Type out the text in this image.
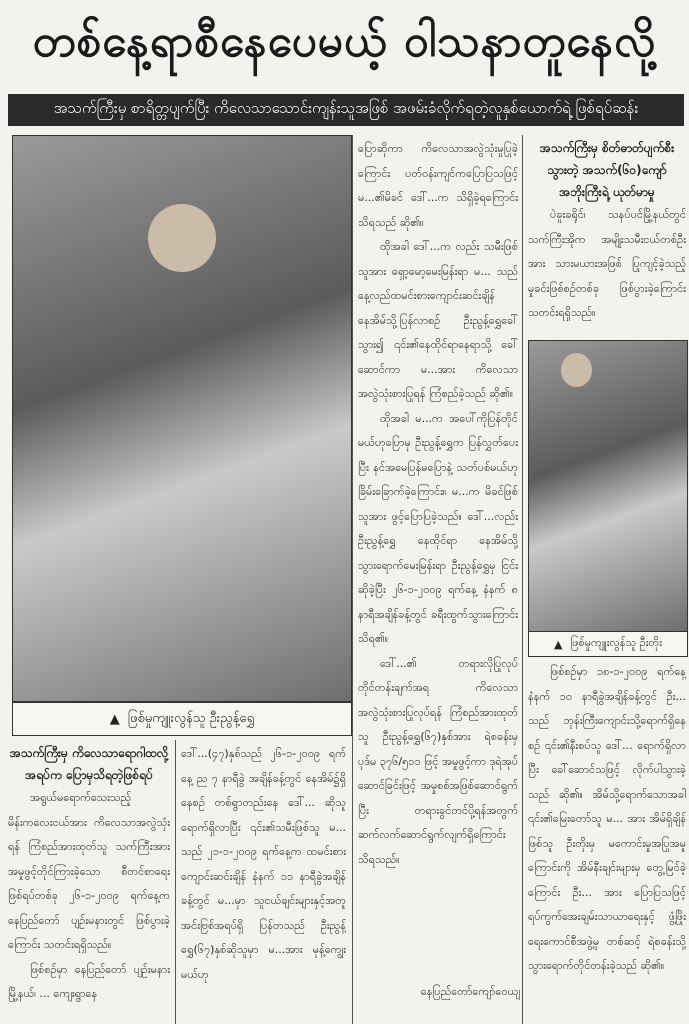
တစ်နေ့ရာစီနေပေမယ့် ဝါသနာတူနေလို့
အသက်ကြီးမှ စာရိတ္တပျက်ပြီး ကိလေသာသောင်းကျန်းသူအဖြစ် အဖမ်းခံလိုက်ရတဲ့လူနှစ်ယောက်ရဲ့ ဖြစ်ရပ်ဆန်း
▲ ဖြစ်မှုကျူးလွန်သူ ဦးညွန့်ရွှေ
အသက်ကြီးမှ ကိလေသာရောဂါထလို့
အရပ်က ပြောမှသိရတဲ့ဖြစ်ရပ်

အရွယ်မရောက်သေးသည့် မိန်းကလေးငယ်အား ကိလေသာအလွဲသုံးရန် ကြံစည်အားထုတ်သူ သက်ကြီးအား အမှုဖွင့်တိုင်ကြားခဲ့သော စီတင်စာရေးဖြစ်ရပ်တစ်ခု ၂၆-၁-၂၀၀၉ ရက်နေ့က နေပြည်တော် ပျဉ်းမနားတွင် ဖြစ်ပွားခဲ့ကြောင်း သတင်းရရှိသည်။

ဖြစ်စဉ်မှာ နေပြည်တော် ပျဉ်းမနားမြို့နယ်၊ ... ကျေးရွာနေ

ဒေါ်...(၄၇)နှစ်သည် ၂၆-၁-၂၀၀၉ ရက်နေ့ ည ၇ နာရီခွဲ အချိန်ခန့်တွင် နေအိမ်၌ရှိနေစဉ် တစ်ရွာတည်းနေ ဒေါ်... ဆိုသူရောက်ရှိလာပြီး ၎င်း၏သမီးဖြစ်သူ မ... သည် ၂၁-၁-၂၀၀၉ ရက်နေ့က ထမင်းစားကျောင်းဆင်းချိန် နံနက် ၁၁ နာရီခွဲအချိန်ခန့်တွင် မ...မှာ သူငယ်ချင်းများနှင့်အတူ အင်းဗြစ်အရပ်ရှိ ပြန်တသည် ဦးညွန့်ရွှေ(၆၇)နှစ်ဆိုသူမှာ မ...အား မုန့်ကျွေးမယ်ဟု

ပြောဆိုကာ ကိလေသာအလွဲသုံးမှုပြုခဲ့ကြောင်း ပတ်ဝန်းကျင်ကပြောပြသဖြင့် မ...၏မိခင် ဒေါ်...က သိရှိခဲ့ရကြောင်း သိရသည် ဆို၏။

ထိုအခါ ဒေါ်...က လည်း သမီးဖြစ်သူအား ရှော့မော့မေးမြန်းရာ မ... သည် နေ့လည်ထမင်းစားကျောင်းဆင်းချိန် နေအိမ်သို့ပြန်လာစဉ် ဦးညွန့်ရွှေခေါ်သွား၍ ၎င်း၏နေထိုင်ရာနေရာသို့ ခေါ်ဆောင်ကာ မ...အား ကိလေသာ အလွဲသုံးစားပြုရန် ကြံစည်ခဲ့သည် ဆို၏။

ထိုအခါ မ...က အပေါ်ကိုပြန်တိုင်မယ်ဟုပြောမှ ဦးညွန့်ရွှေက ပြန်လွှတ်ပေးပြီး နင်အမေပြန်မပြောနဲ့ သတ်ပစ်မယ်ဟုခြိမ်းခြောက်ခဲ့ကြောင်း။ မ...က မိခင်ဖြစ်သူအား ဖွင့်ပြောပြခဲ့သည်။ ဒေါ်...လည်း ဦးညွန့်ရွှေ နေထိုင်ရာ နေအိမ်သို့ သွားရောက်မေးမြန်းရာ ဦးညွန့်ရွှေမှ ငြင်းဆိုခဲ့ပြီး ၂၆-၁-၂၀၀၉ ရက်နေ့ နံနက် ၈ နာရီအချိန်ခန့်တွင် ခရီးထွက်သွားကြောင်း သိရ၏။

ဒေါ်...၏ တရားလိုပြုလုပ်တိုင်တန်းချက်အရ ကိလေသာအလွဲသုံးစားပြုလုပ်ရန် ကြံစည်အားထုတ်သူ ဦးညွန့်ရွှေ(၆၇)နှစ်အား ရဲစခန်းမှ ပုဒ်မ ၃၇၆/၅၁၁ ဖြင့် အမှုဖွင့်ကာ ဒုရဲအုပ်ဆောင်ခြင်းဖြင့် အမှုစစ်အဖြစ်ဆောင်ရွက်ပြီး တရားခွင်တင်ပို့ရန်အတွက် ဆက်လက်ဆောင်ရွက်လျက်ရှိကြောင်း သိရသည်။

နေပြည်တော်ကျော်ဝေယျ
အသက်ကြီးမှ စိတ်ဓာတ်ပျက်စီး
သွားတဲ့ အသက်(၆၀)ကျော်
အဘိုးကြီးရဲ့ ယုတ်မာမှု

ပဲခူးခရိုင်၊ သနပ်ပင်မြို့နယ်တွင် သက်ကြီးအိုက အမျိုးသမီးငယ်တစ်ဦးအား သားမယားအဖြစ် ပြုကျင့်ခဲ့သည့် မှုခင်းဖြစ်စဉ်တစ်ခု ဖြစ်ပွားခဲ့ကြောင်း သတင်းရရှိသည်။

▲ ဖြစ်မှုကျူးလွန်သူ ဦးတိုး

ဖြစ်စဉ်မှာ ၁၈-၁-၂၀၀၉ ရက်နေ့ နံနက် ၁၀ နာရီခွဲအချိန်ခန့်တွင် ဦး... သည် ဘုန်းကြီးကျောင်းသို့ရောက်ရှိနေစဉ် ၎င်း၏နီးစပ်သူ ဒေါ်... ရောက်ရှိလာပြီး ခေါ်ဆောင်သဖြင့် လိုက်ပါသွားခဲ့သည် ဆို၏။ အိမ်သို့ရောက်သောအခါ ၎င်း၏မြေးတော်သူ မ... အား အိမ်ရှိချိန်ဖြစ်သူ ဦးတိုးမှ မကောင်းမှုအပြုအမူကြောင်းကို အိမ်နီးချင်းများမှ တွေ့မြင်ခဲ့ကြောင်း ဦး... အား ပြောပြသဖြင့် ရပ်ကွက်အေးချမ်းသာယာရေးနှင့် ဖွံ့ဖြိုးရေးကောင်စီအဖွဲ့မှ တစ်ဆင့် ရဲစခန်းသို့ သွားရောက်တိုင်တန်းခဲ့သည် ဆို၏။
